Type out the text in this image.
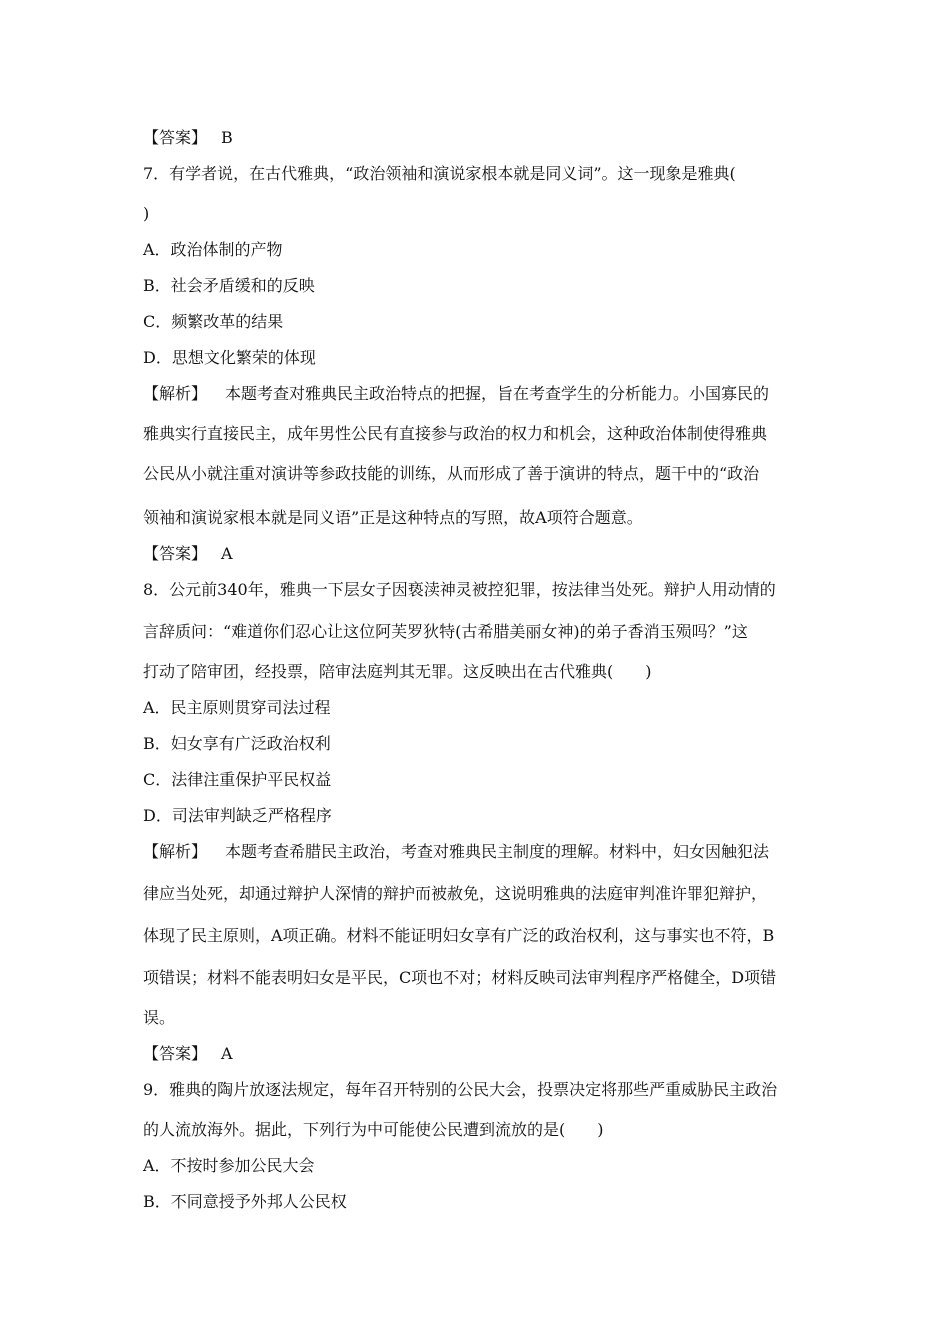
【答案】 B
7．有学者说，在古代雅典，“政治领袖和演说家根本就是同义词”。这一现象是雅典(
)
A．政治体制的产物
B．社会矛盾缓和的反映
C．频繁改革的结果
D．思想文化繁荣的体现
【解析】 本题考查对雅典民主政治特点的把握，旨在考查学生的分析能力。小国寡民的
雅典实行直接民主，成年男性公民有直接参与政治的权力和机会，这种政治体制使得雅典
公民从小就注重对演讲等参政技能的训练，从而形成了善于演讲的特点，题干中的“政治
领袖和演说家根本就是同义语”正是这种特点的写照，故A项符合题意。
【答案】 A
8．公元前340年，雅典一下层女子因亵渎神灵被控犯罪，按法律当处死。辩护人用动情的
言辞质问：“难道你们忍心让这位阿芙罗狄特(古希腊美丽女神)的弟子香消玉殒吗？”这
打动了陪审团，经投票，陪审法庭判其无罪。这反映出在古代雅典(　　)
A．民主原则贯穿司法过程
B．妇女享有广泛政治权利
C．法律注重保护平民权益
D．司法审判缺乏严格程序
【解析】 本题考查希腊民主政治，考查对雅典民主制度的理解。材料中，妇女因触犯法
律应当处死，却通过辩护人深情的辩护而被赦免，这说明雅典的法庭审判准许罪犯辩护，
体现了民主原则，A项正确。材料不能证明妇女享有广泛的政治权利，这与事实也不符，B
项错误；材料不能表明妇女是平民，C项也不对；材料反映司法审判程序严格健全，D项错
误。
【答案】 A
9．雅典的陶片放逐法规定，每年召开特别的公民大会，投票决定将那些严重威胁民主政治
的人流放海外。据此，下列行为中可能使公民遭到流放的是(　　)
A．不按时参加公民大会
B．不同意授予外邦人公民权
